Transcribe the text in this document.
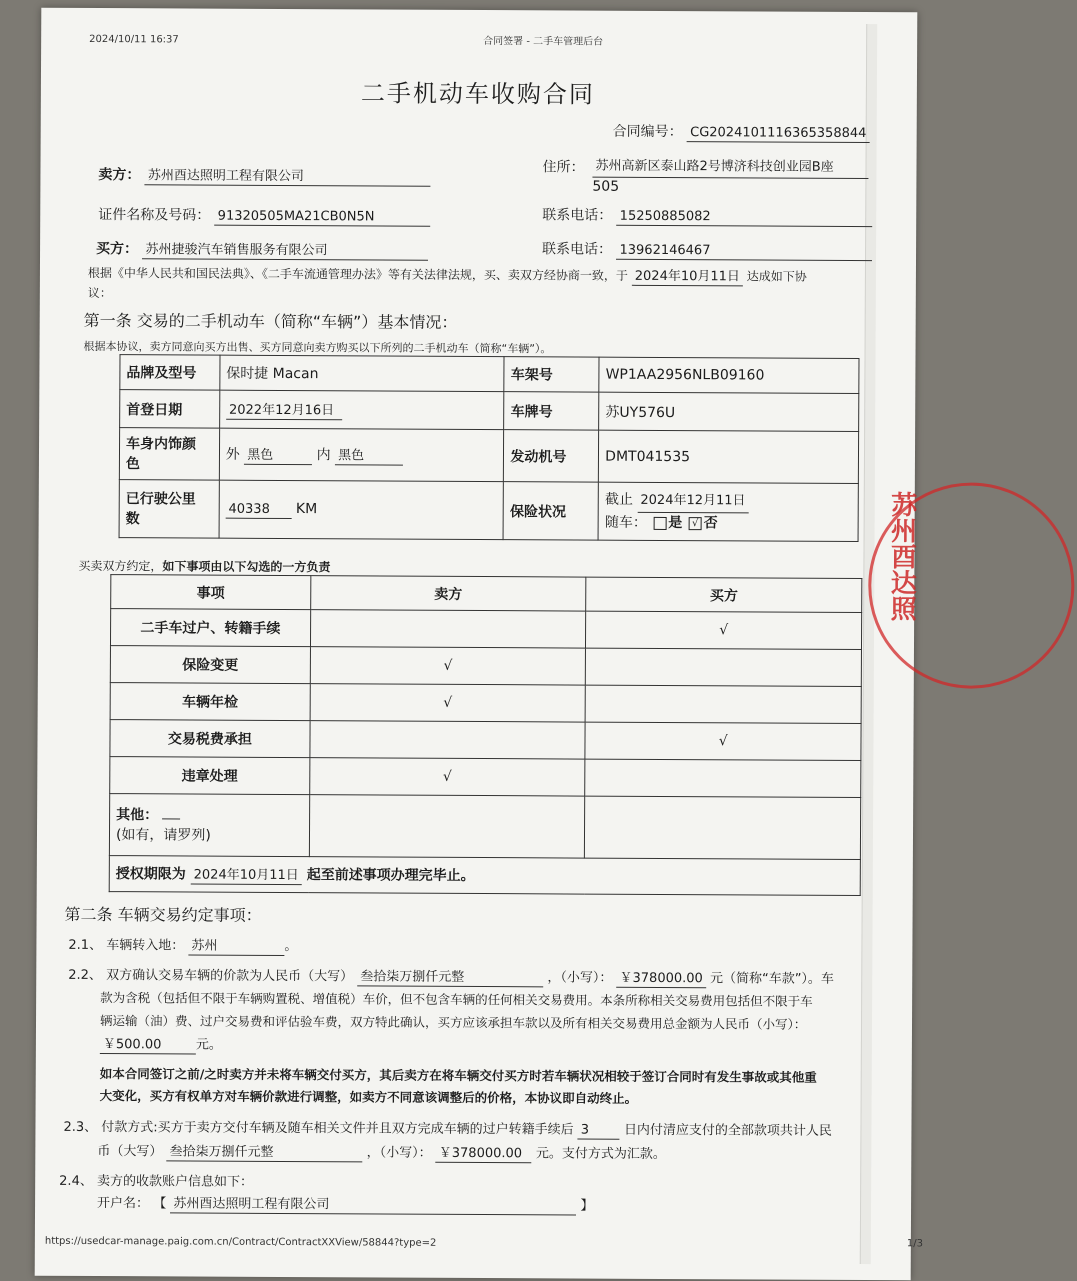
2024/10/11 16:37	合同签署 - 二手车管理后台
二手机动车收购合同
合同编号： CG2024101116365358844
卖方： 苏州酉达照明工程有限公司
住所： 苏州高新区泰山路2号博济科技创业园B座
505
证件名称及号码： 91320505MA21CB0N5N	联系电话： 15250885082
买方： 苏州捷骏汽车销售服务有限公司	联系电话： 13962146467
根据《中华人民共和国民法典》、《二手车流通管理办法》等有关法律法规，买、卖双方经协商一致，于 2024年10月11日 达成如下协
议：
第一条 交易的二手机动车（简称“车辆”）基本情况：
根据本协议，卖方同意向买方出售、买方同意向卖方购买以下所列的二手机动车（简称“车辆”）。
品牌及型号	保时捷 Macan	车架号	WP1AA2956NLB09160
首登日期	2022年12月16日	车牌号	苏UY576U
车身内饰颜
色	外 黑色 内 黑色	发动机号	DMT041535
已行驶公里
数	40338 KM	保险状况	截止 2024年12月11日
随车： 是 √ 否
买卖双方约定，如下事项由以下勾选的一方负责
事项	卖方	买方
二手车过户、转籍手续		√
保险变更	√	
车辆年检	√	
交易税费承担		√
违章处理	√	
其他：
(如有，请罗列)		
授权期限为 2024年10月11日 起至前述事项办理完毕止。		
第二条 车辆交易约定事项：
2.1、 车辆转入地： 苏州	。
2.2、 双方确认交易车辆的价款为人民币（大写） 叁拾柒万捌仟元整	，（小写）： ￥378000.00 元（简称“车款”）。车
款为含税（包括但不限于车辆购置税、增值税）车价，但不包含车辆的任何相关交易费用。本条所称相关交易费用包括但不限于车
辆运输（油）费、过户交易费和评估验车费，双方特此确认，买方应该承担车款以及所有相关交易费用总金额为人民币（小写）：
￥500.00	元。
如本合同签订之前/之时卖方并未将车辆交付买方，其后卖方在将车辆交付买方时若车辆状况相较于签订合同时有发生事故或其他重
大变化，买方有权单方对车辆价款进行调整，如卖方不同意该调整后的价格，本协议即自动终止。
2.3、 付款方式:买方于卖方交付车辆及随车相关文件并且双方完成车辆的过户转籍手续后 3	日内付清应支付的全部款项共计人民
币（大写） 叁拾柒万捌仟元整	，（小写）： ￥378000.00 元。支付方式为汇款。
2.4、 卖方的收款账户信息如下：
开户名： 【 苏州酉达照明工程有限公司	】
https://usedcar-manage.paig.com.cn/Contract/ContractXXView/58844?type=2	1/3
苏州酉达照
